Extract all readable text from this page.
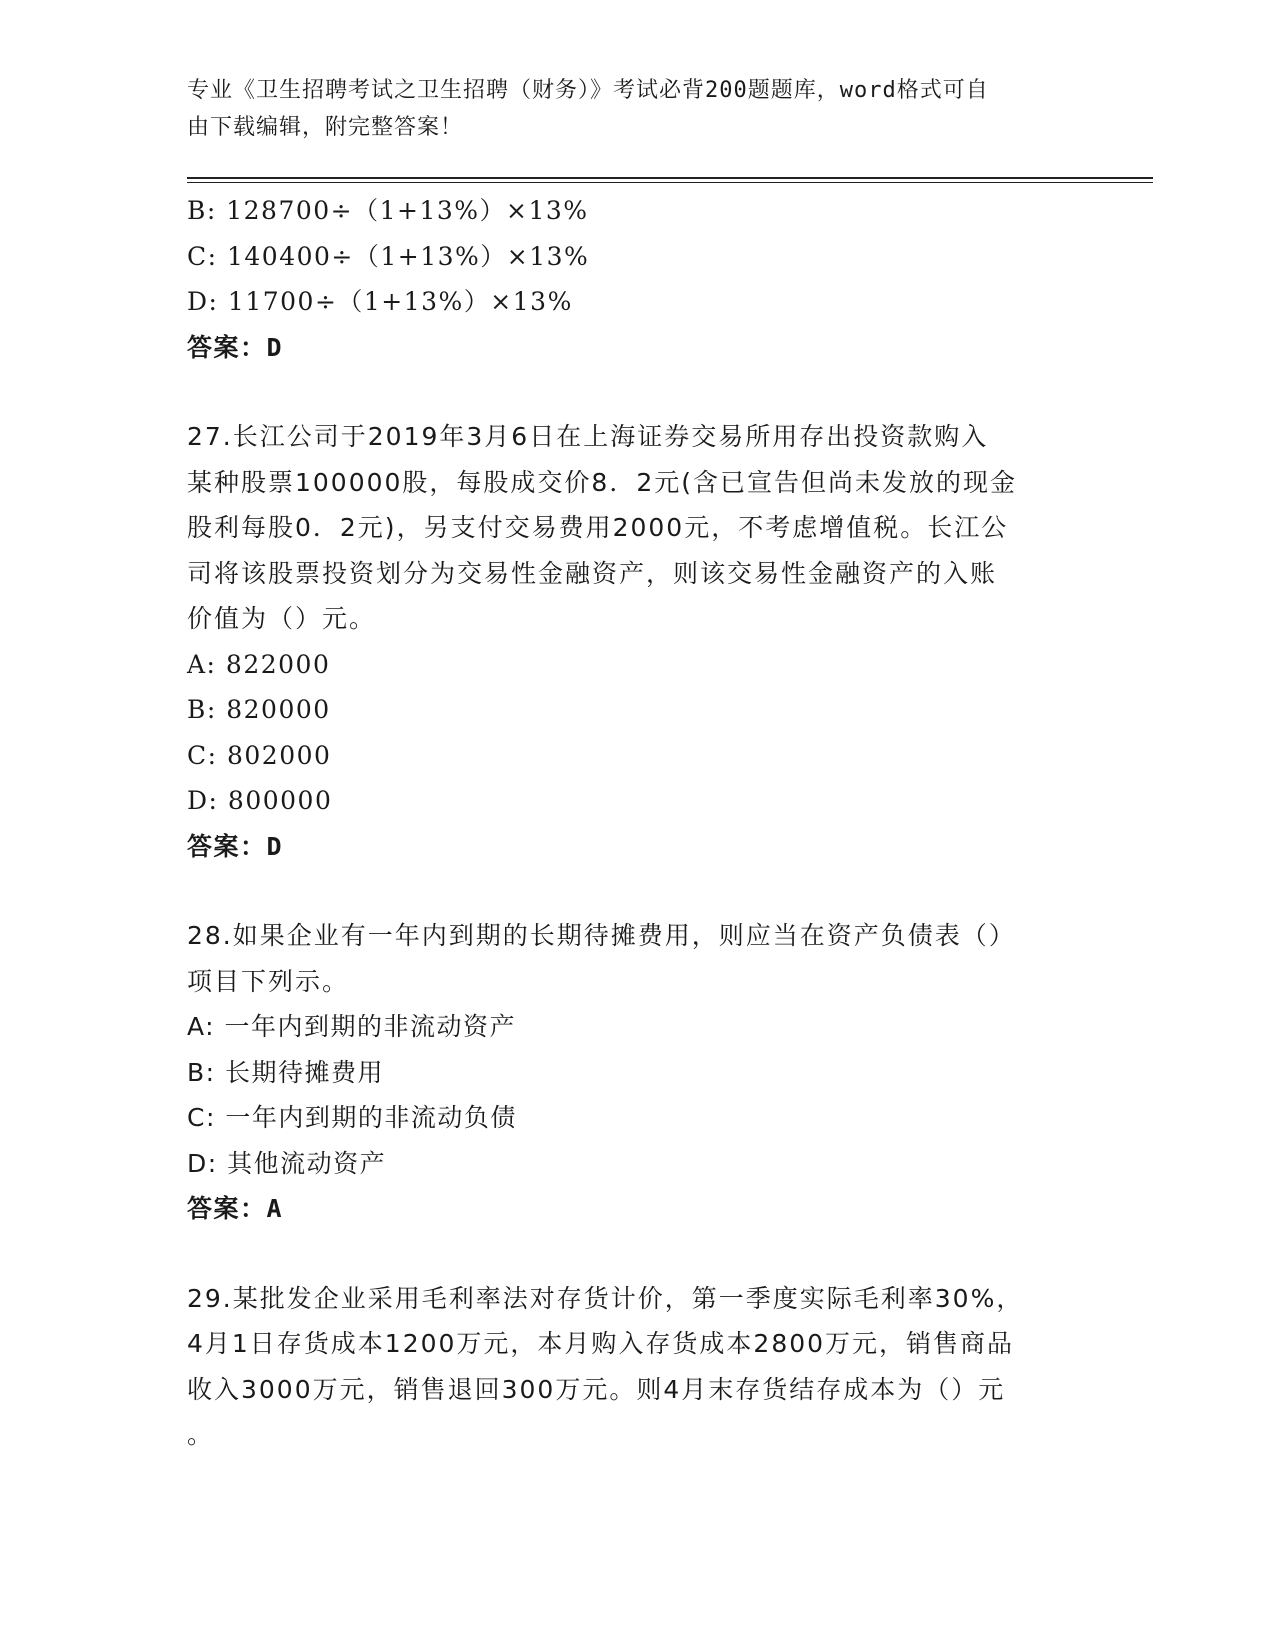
专业《卫生招聘考试之卫生招聘（财务）》考试必背200题题库，word格式可自
由下载编辑，附完整答案！
B: 128700÷（1+13%）×13%
C: 140400÷（1+13%）×13%
D: 11700÷（1+13%）×13%
答案：D
27.长江公司于2019年3月6日在上海证券交易所用存出投资款购入
某种股票100000股，每股成交价8．2元(含已宣告但尚未发放的现金
股利每股0．2元)，另支付交易费用2000元，不考虑增值税。长江公
司将该股票投资划分为交易性金融资产，则该交易性金融资产的入账
价值为（）元。
A: 822000
B: 820000
C: 802000
D: 800000
答案：D
28.如果企业有一年内到期的长期待摊费用，则应当在资产负债表（）
项目下列示。
A: 一年内到期的非流动资产
B: 长期待摊费用
C: 一年内到期的非流动负债
D: 其他流动资产
答案：A
29.某批发企业采用毛利率法对存货计价，第一季度实际毛利率30%，
4月1日存货成本1200万元，本月购入存货成本2800万元，销售商品
收入3000万元，销售退回300万元。则4月末存货结存成本为（）元
。
